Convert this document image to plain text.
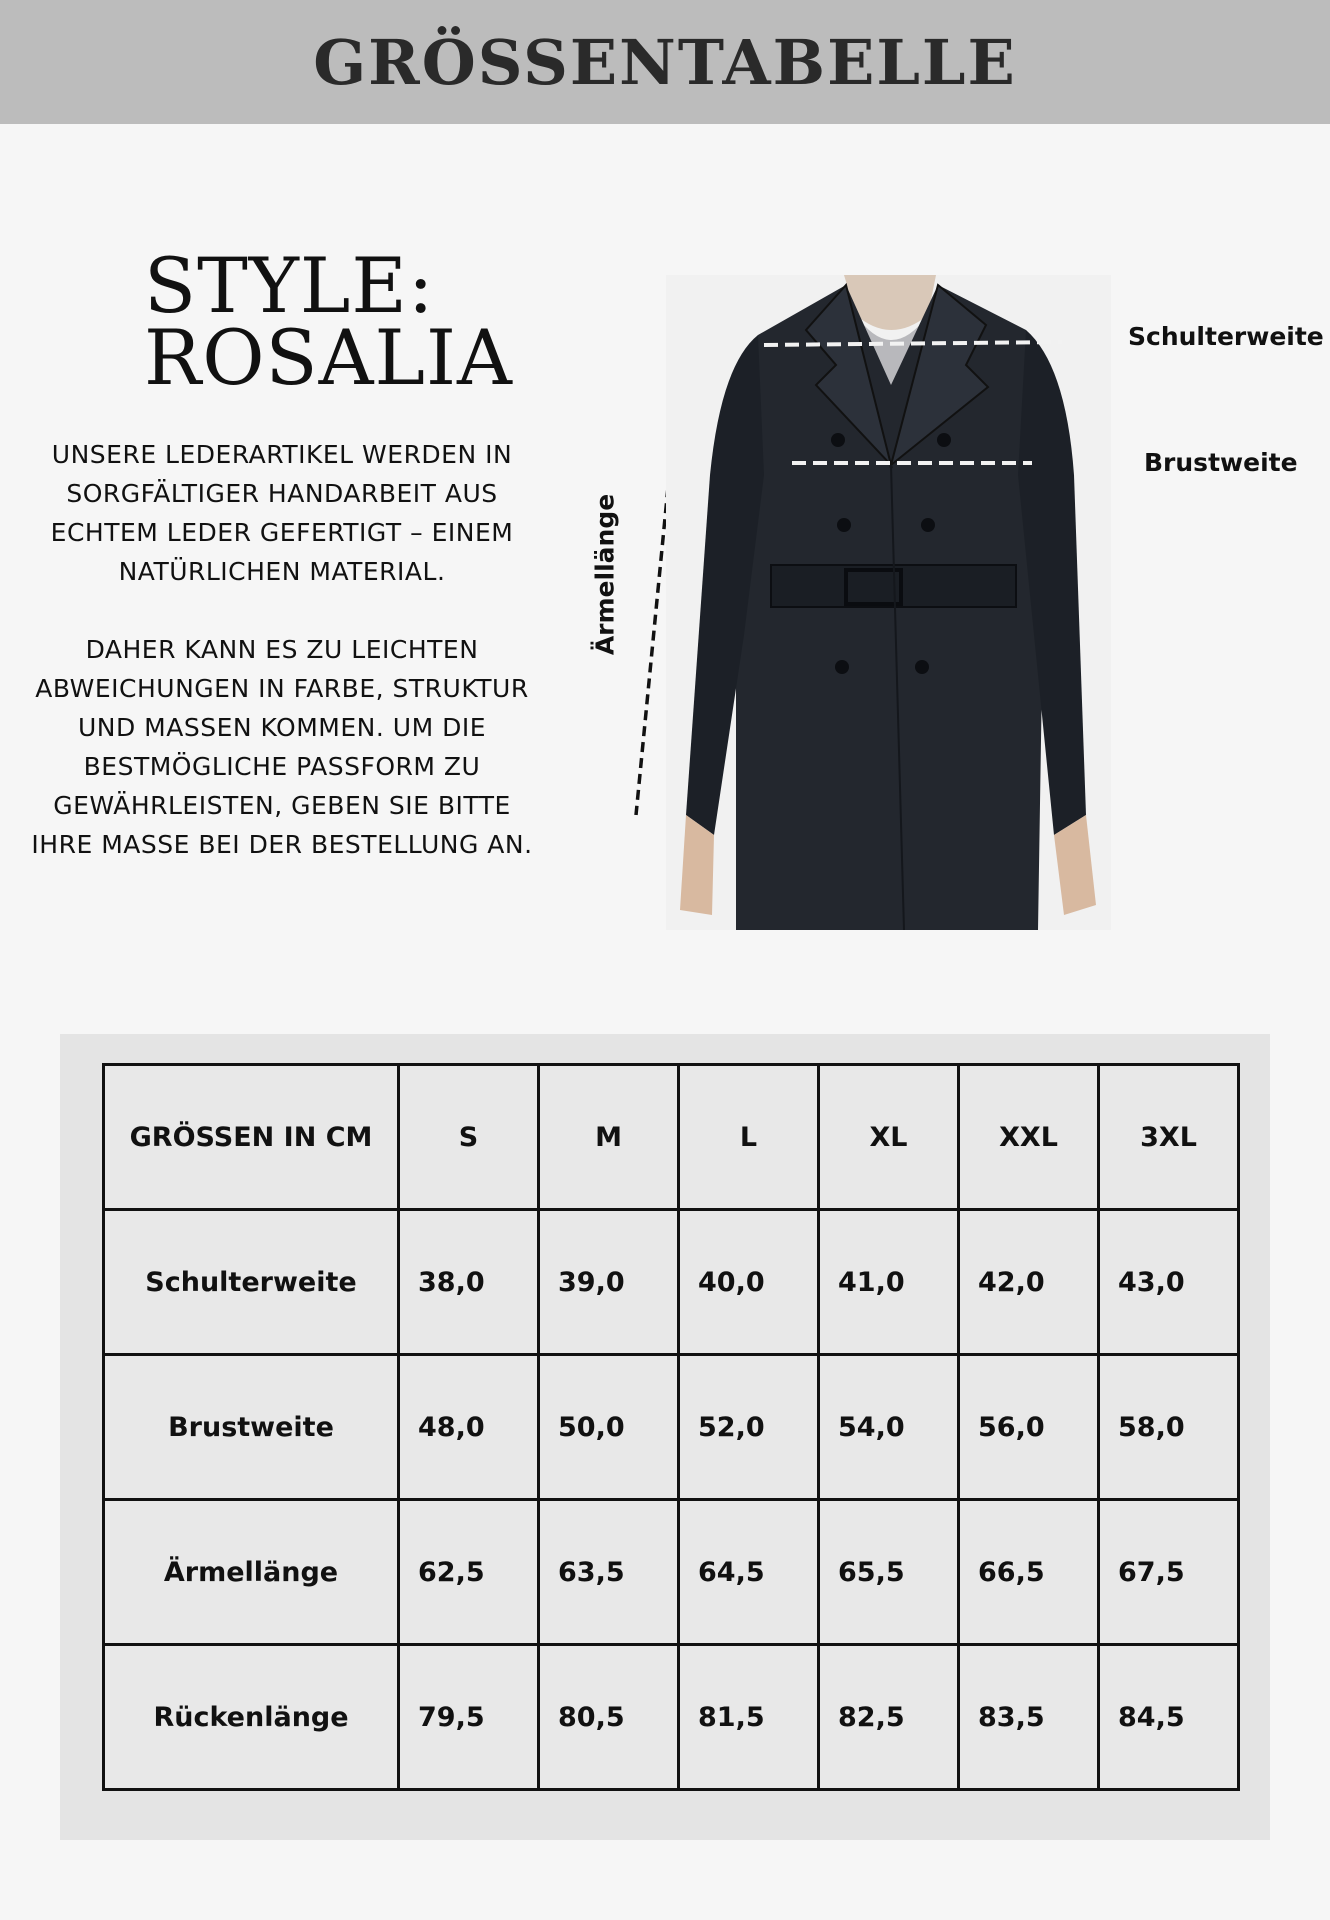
GRÖSSENTABELLE
STYLE:
ROSALIA
UNSERE LEDERARTIKEL WERDEN IN SORGFÄLTIGER HANDARBEIT AUS ECHTEM LEDER GEFERTIGT – EINEM NATÜRLICHEN MATERIAL.
DAHER KANN ES ZU LEICHTEN ABWEICHUNGEN IN FARBE, STRUKTUR UND MASSEN KOMMEN. UM DIE BESTMÖGLICHE PASSFORM ZU GEWÄHRLEISTEN, GEBEN SIE BITTE IHRE MASSE BEI DER BESTELLUNG AN.
Schulterweite
Brustweite
Ärmellänge
GRÖSSEN IN CM	S	M	L	XL	XXL	3XL
Schulterweite	38,0	39,0	40,0	41,0	42,0	43,0
Brustweite	48,0	50,0	52,0	54,0	56,0	58,0
Ärmellänge	62,5	63,5	64,5	65,5	66,5	67,5
Rückenlänge	79,5	80,5	81,5	82,5	83,5	84,5
